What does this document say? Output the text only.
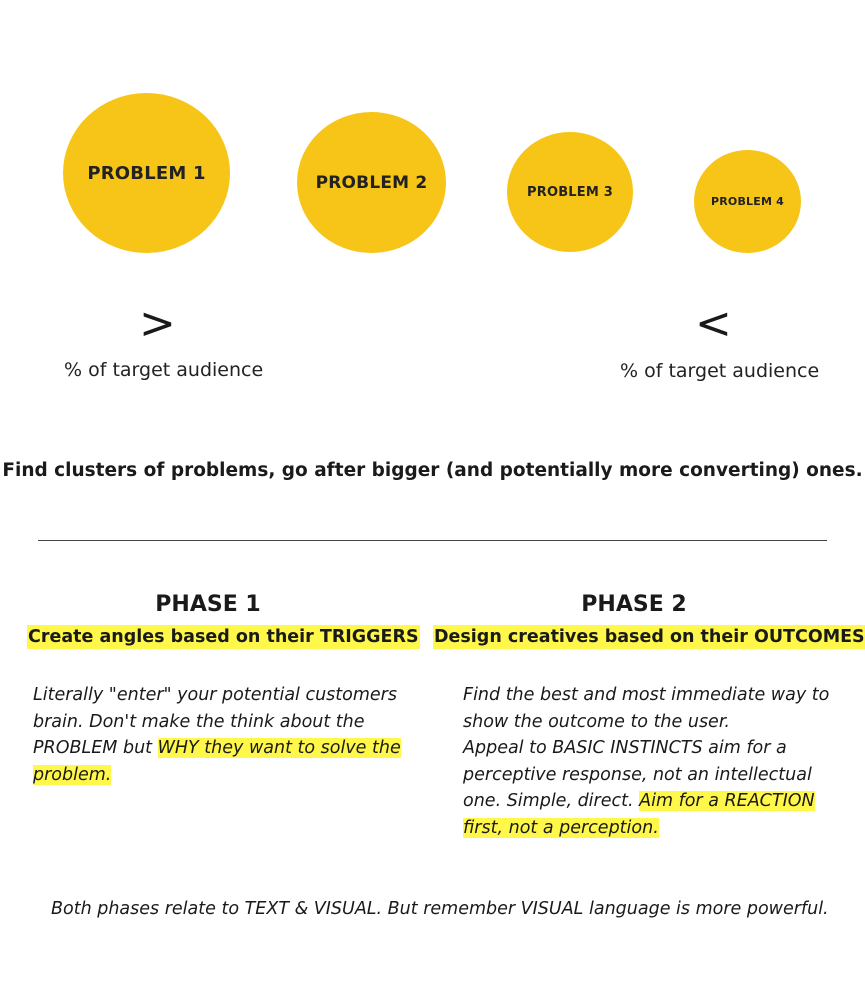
PROBLEM 1	PROBLEM 2	PROBLEM 3
PROBLEM 4
>	<
% of target audience	% of target audience
Find clusters of problems, go after bigger (and potentially more converting) ones.
PHASE 1	PHASE 2
Create angles based on their TRIGGERS Design creatives based on their OUTCOMES
Literally "enter" your potential customers
brain. Don't make the think about the
PROBLEM but WHY they want to solve the
problem.
Find the best and most immediate way to
show the outcome to the user.
Appeal to BASIC INSTINCTS aim for a
perceptive response, not an intellectual
one. Simple, direct. Aim for a REACTION
first, not a perception.
Both phases relate to TEXT & VISUAL. But remember VISUAL language is more powerful.
